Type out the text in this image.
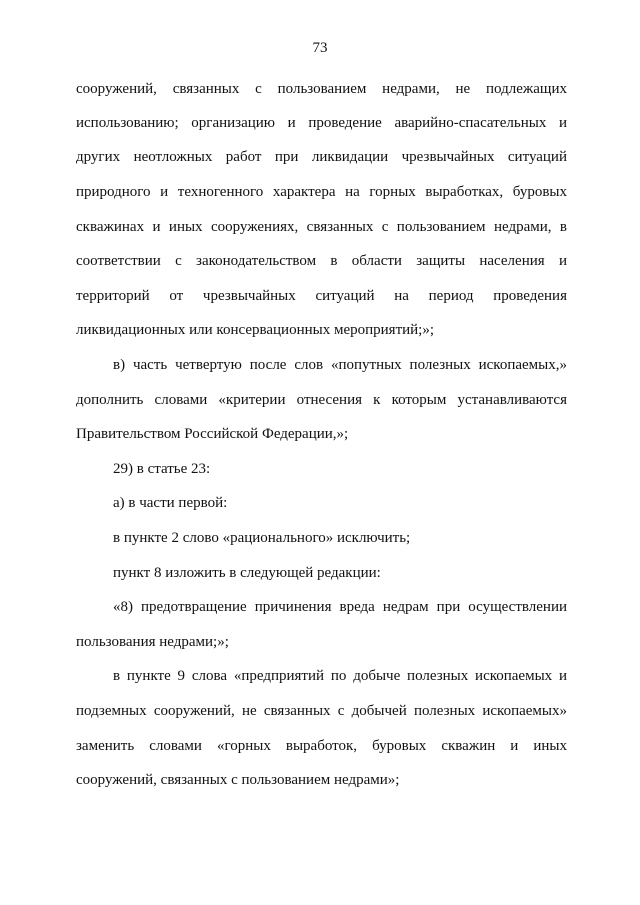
73
сооружений, связанных с пользованием недрами, не подлежащих
использованию; организацию и проведение аварийно-спасательных и
других неотложных работ при ликвидации чрезвычайных ситуаций
природного и техногенного характера на горных выработках, буровых
скважинах и иных сооружениях, связанных с пользованием недрами, в
соответствии с законодательством в области защиты населения и
территорий от чрезвычайных ситуаций на период проведения
ликвидационных или консервационных мероприятий;»;
в) часть четвертую после слов «попутных полезных ископаемых,»
дополнить словами «критерии отнесения к которым устанавливаются
Правительством Российской Федерации,»;
29) в статье 23:
а) в части первой:
в пункте 2 слово «рационального» исключить;
пункт 8 изложить в следующей редакции:
«8) предотвращение причинения вреда недрам при осуществлении
пользования недрами;»;
в пункте 9 слова «предприятий по добыче полезных ископаемых и
подземных сооружений, не связанных с добычей полезных ископаемых»
заменить словами «горных выработок, буровых скважин и иных
сооружений, связанных с пользованием недрами»;
